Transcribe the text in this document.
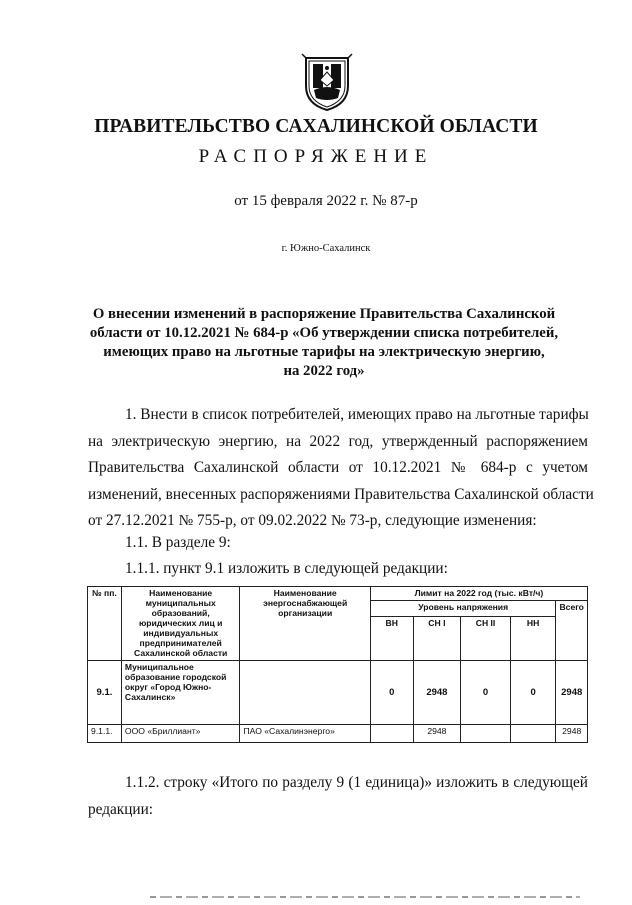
ПРАВИТЕЛЬСТВО САХАЛИНСКОЙ ОБЛАСТИ
РАСПОРЯЖЕНИЕ
от 15 февраля 2022 г. № 87-р
г. Южно-Сахалинск
О внесении изменений в распоряжение Правительства Сахалинской
области от 10.12.2021 № 684-р «Об утверждении списка потребителей,
имеющих право на льготные тарифы на электрическую энергию,
на 2022 год»
1. Внести в список потребителей, имеющих право на льготные тарифы
на электрическую энергию, на 2022 год, утвержденный распоряжением
Правительства Сахалинской области от 10.12.2021 № 684-р с учетом
изменений, внесенных распоряжениями Правительства Сахалинской области
от 27.12.2021 № 755-р, от 09.02.2022 № 73-р, следующие изменения:
1.1. В разделе 9:
1.1.1. пункт 9.1 изложить в следующей редакции:
№ пп.	Наименование муниципальных образований, юридических лиц и индивидуальных предпринимателей Сахалинской области	Наименование энергоснабжающей организации	Лимит на 2022 год (тыс. кВт/ч)				
			Уровень напряжения				Всего
			ВН	СН I	СН II	НН	
9.1.	Муниципальное образование городской округ «Город Южно-Сахалинск»		0	2948	0	0	2948
9.1.1.	ООО «Бриллиант»	ПАО «Сахалинэнерго»		2948			2948
1.1.2. строку «Итого по разделу 9 (1 единица)» изложить в следующей
редакции:
